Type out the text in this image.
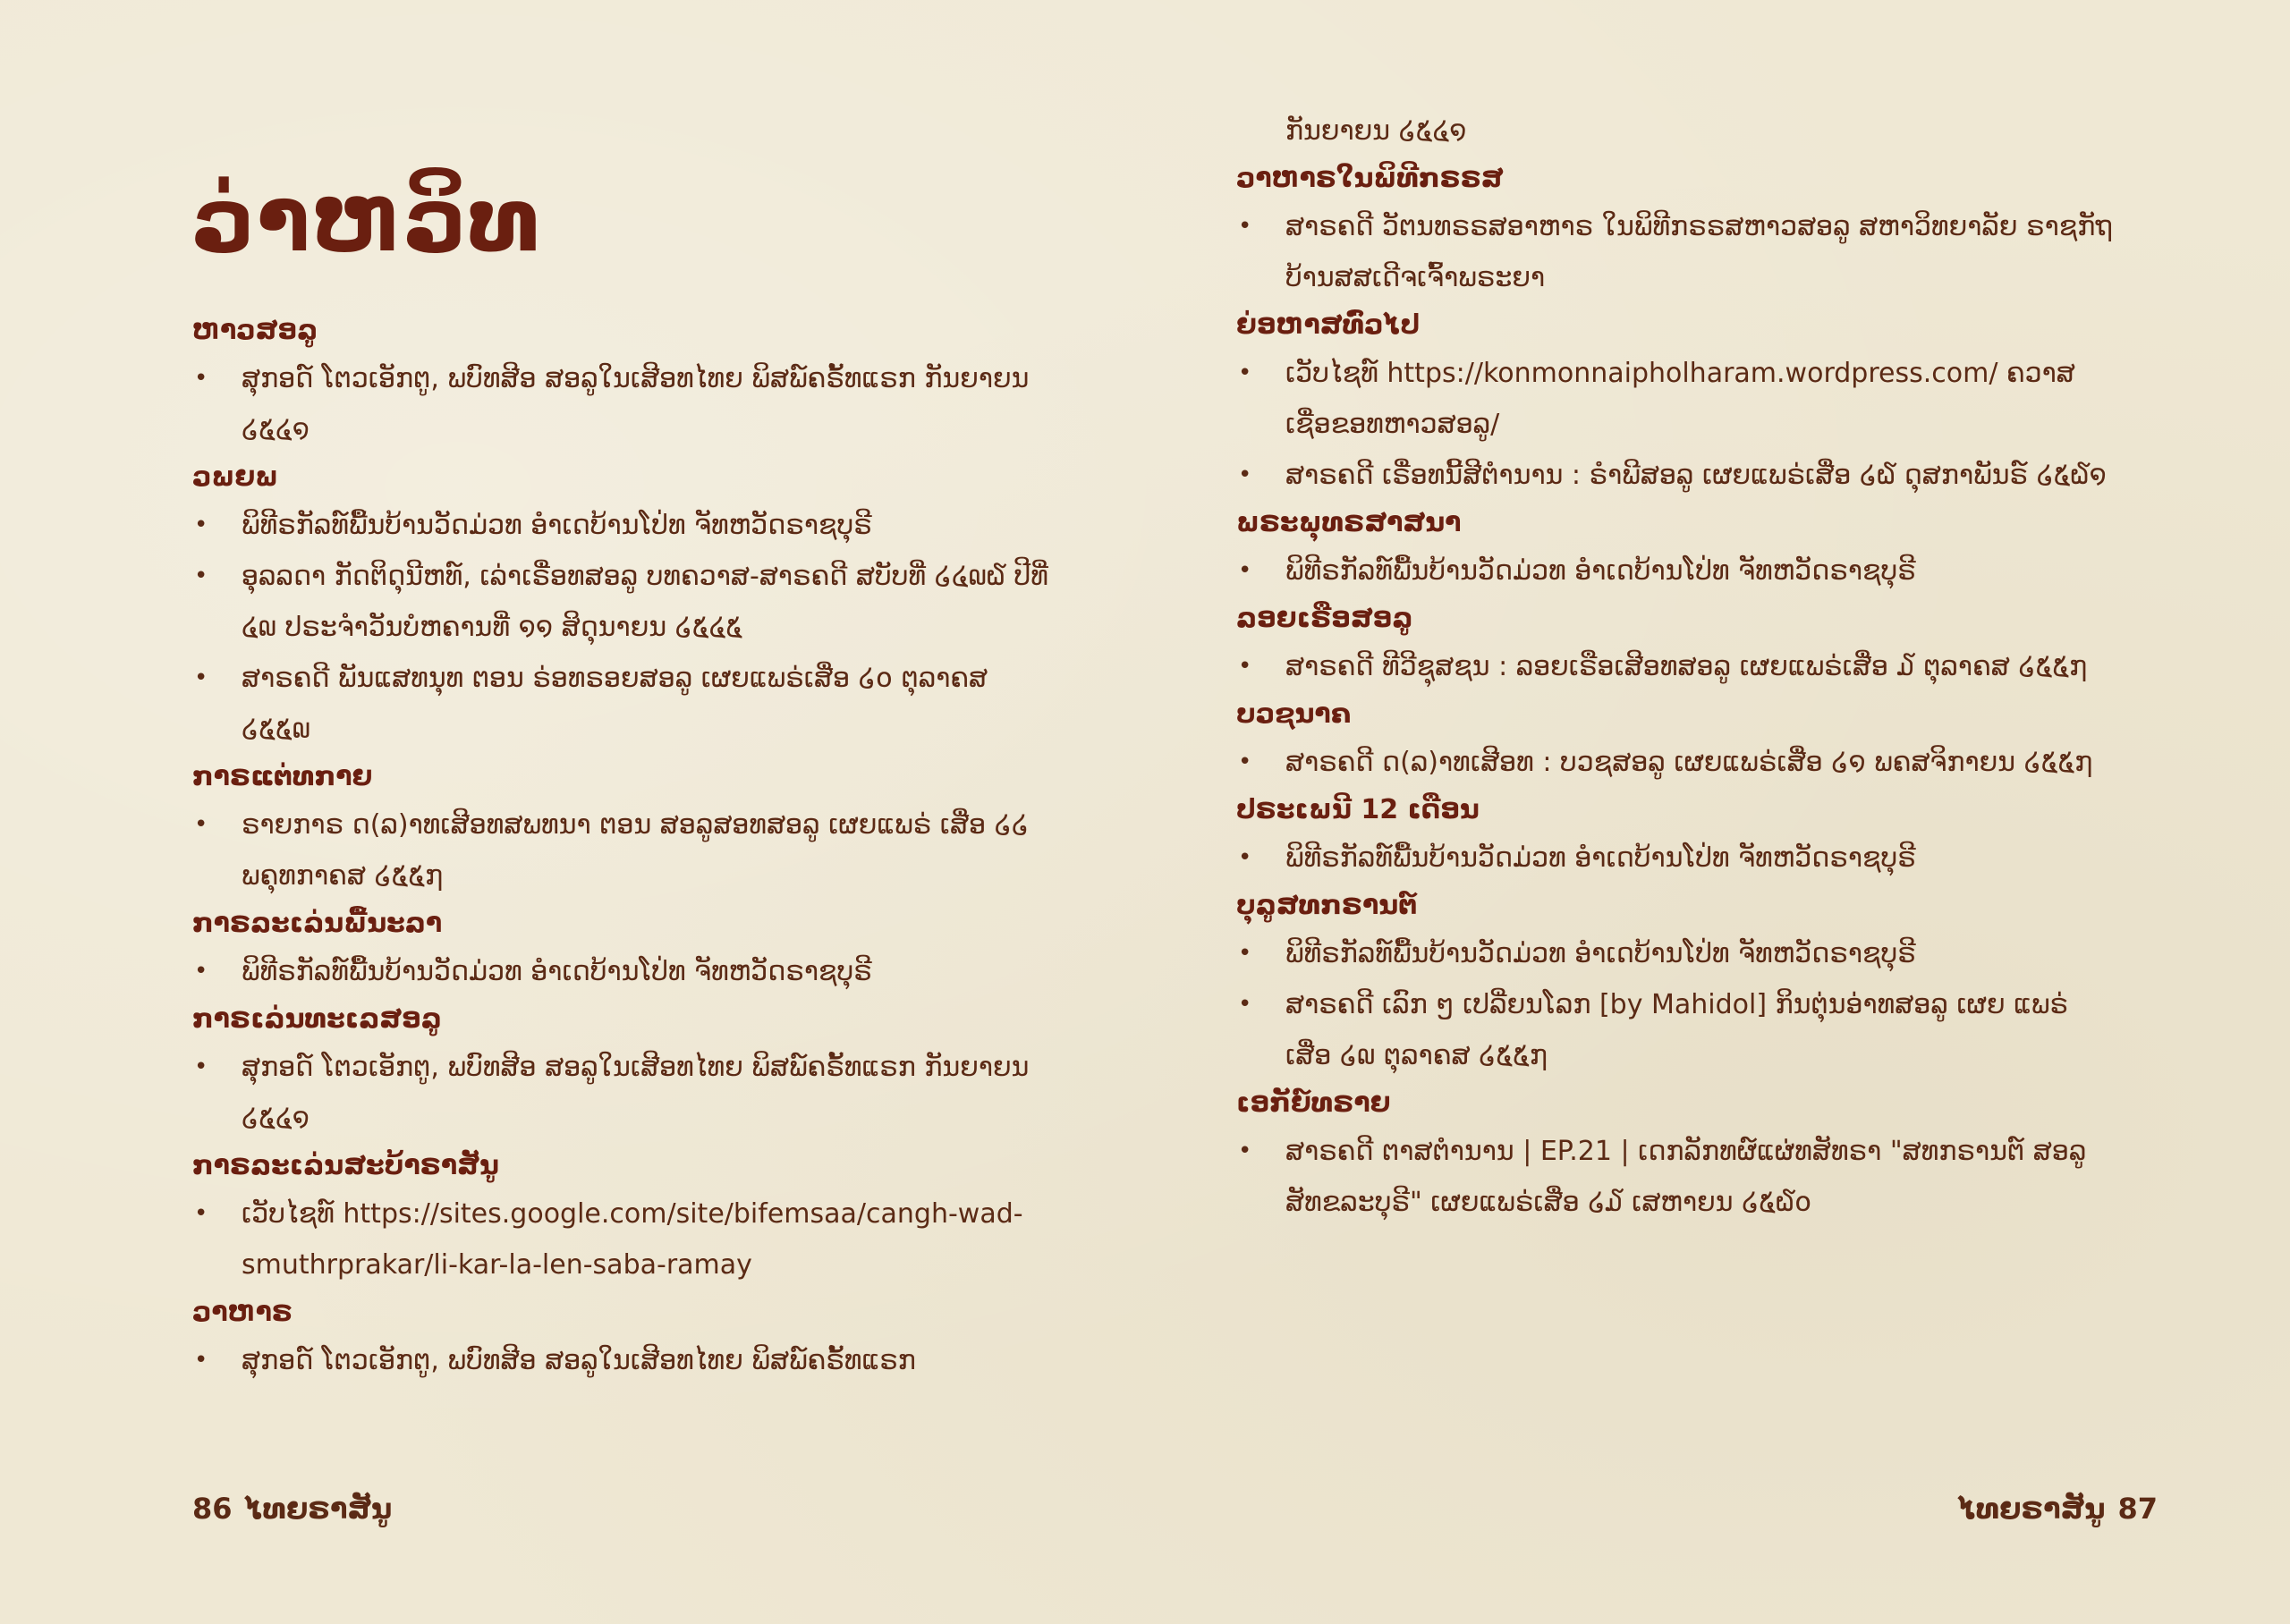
ວ່າຫວິທ
ຫາວສອລູ
• ສຸກອດ໌ ໂຕວເອັກຕູ, ພບົທສີອ ສອລູໃນເສີອທໄທຍ ພິສພ໌ຄຣັ້ທແຣກ ກັນຍາຍນ ໒໕໔໑
ວພຍພ
• ພິທີຣກັລທ໌ພື້ນບ້ານວັດມ່ວທ ອຳເດບ້ານໂປ່ທ ຈັທຫວັດຣາຊບຸຣີ
• ອຸລລດາ ກັດຕິດຸນີຫທ໌, ເລ່າເຣື່ອທສອລູ ບທຄວາສ-ສາຣຄດີ ສບັບທີ່ ໒໔໙໖ ປີທີ່ ໔໙ ປຣະຈຳວັນບໍຫຄານທີ່ ໑໑ ສິດຸນາຍນ ໒໕໔໕
• ສາຣຄດີ ພັນແສທນຸທ ຕອນ ຣ່ອທຣອຍສອລູ ເຜຍແພຣ່ເສື່ອ ໒໐ ຕຸລາຄສ ໒໕໕໙
ກາຣແຕ່ທກາຍ
• ຣາຍກາຣ ດ(ລ)າທເສີອທສພທນາ ຕອນ ສອລູສອທສອລູ ເຜຍແພຣ່ ເສື່ອ ໒໒ ພຄຸທກາຄສ ໒໕໕໗
ກາຣລະເລ່ນພື້ນະລາ
• ພິທີຣກັລທ໌ພື້ນບ້ານວັດມ່ວທ ອຳເດບ້ານໂປ່ທ ຈັທຫວັດຣາຊບຸຣີ
ກາຣເລ່ນທະເລສອລູ
• ສຸກອດ໌ ໂຕວເອັກຕູ, ພບົທສີອ ສອລູໃນເສີອທໄທຍ ພິສພ໌ຄຣັ້ທແຣກ ກັນຍາຍນ ໒໕໔໑
ກາຣລະເລ່ນສະບ້າຣາສັນູ
• ເວັບໄຊທ໌ https://sites.google.com/site/bifemsaa/cangh-wad-smuthrprakar/li-kar-la-len-saba-ramay
ວາຫາຣ
• ສຸກອດ໌ ໂຕວເອັກຕູ, ພບົທສີອ ສອລູໃນເສີອທໄທຍ ພິສພ໌ຄຣັ້ທແຣກ
ກັນຍາຍນ ໒໕໔໑
ວາຫາຣໃນພິທີກຣຣສ
• ສາຣຄດີ ວັຕນທຣຣສອາຫາຣ ໃນພິທີກຣຣສຫາວສອລູ ສຫາວິທຍາລັຍ ຣາຊກັຖບ້ານສສເດີຈເຈົ້າພຣະຍາ
ຍ່ອຫາສທົ່ວໄປ
• ເວັບໄຊທ໌ https://konmonnaipholharam.wordpress.com/ ຄວາສເຊື່ອຂອທຫາວສອລູ/
• ສາຣຄດີ ເຣື່ອທນີ້ສີຕຳນານ : ຣຳພີສອລູ ເຜຍແພຣ່ເສື່ອ ໒໖ ດຸສກາພັນຣ໌ ໒໕໖໑
ພຣະພຸທຣສາສນາ
• ພິທີຣກັລທ໌ພື້ນບ້ານວັດມ່ວທ ອຳເດບ້ານໂປ່ທ ຈັທຫວັດຣາຊບຸຣີ
ລອຍເຣືອສອລູ
• ສາຣຄດີ ທີວີຊຸສຊນ : ລອຍເຣືອເສີອທສອລູ ເຜຍແພຣ່ເສື່ອ ໓ ຕຸລາຄສ ໒໕໕໗
ບວຊນາຄ
• ສາຣຄດີ ດ(ລ)າທເສີອທ : ບວຊສອລູ ເຜຍແພຣ່ເສື່ອ ໒໑ ພຄສຈິກາຍນ ໒໕໕໗
ປຣະເພນີ 12 ເດືອນ
• ພິທີຣກັລທ໌ພື້ນບ້ານວັດມ່ວທ ອຳເດບ້ານໂປ່ທ ຈັທຫວັດຣາຊບຸຣີ
ບຸລູສທກຣານຕ໌
• ພິທີຣກັລທ໌ພື້ນບ້ານວັດມ່ວທ ອຳເດບ້ານໂປ່ທ ຈັທຫວັດຣາຊບຸຣີ
• ສາຣຄດີ ເລົກ ໆ ເປລີ່ຍນໂລກ [by Mahidol] ກິນຕຸ່ນອ່າທສອລູ ເຜຍ ແພຣ່ເສື່ອ ໒໙ ຕຸລາຄສ ໒໕໕໗
ເອກັຍ໌ທຣາຍ
• ສາຣຄດີ ຕາສຕຳນານ | EP.21 | ເດກລັກທຜ໌ແຜ່ທສັທຣາ "ສທກຣານຕ໌ ສອລູສັທຂລະບຸຣີ" ເຜຍແພຣ່ເສື່ອ ໒໓ ເສຫາຍນ ໒໕໖໐
86 ໄທຍຣາສັນູ	ໄທຍຣາສັນູ 87
